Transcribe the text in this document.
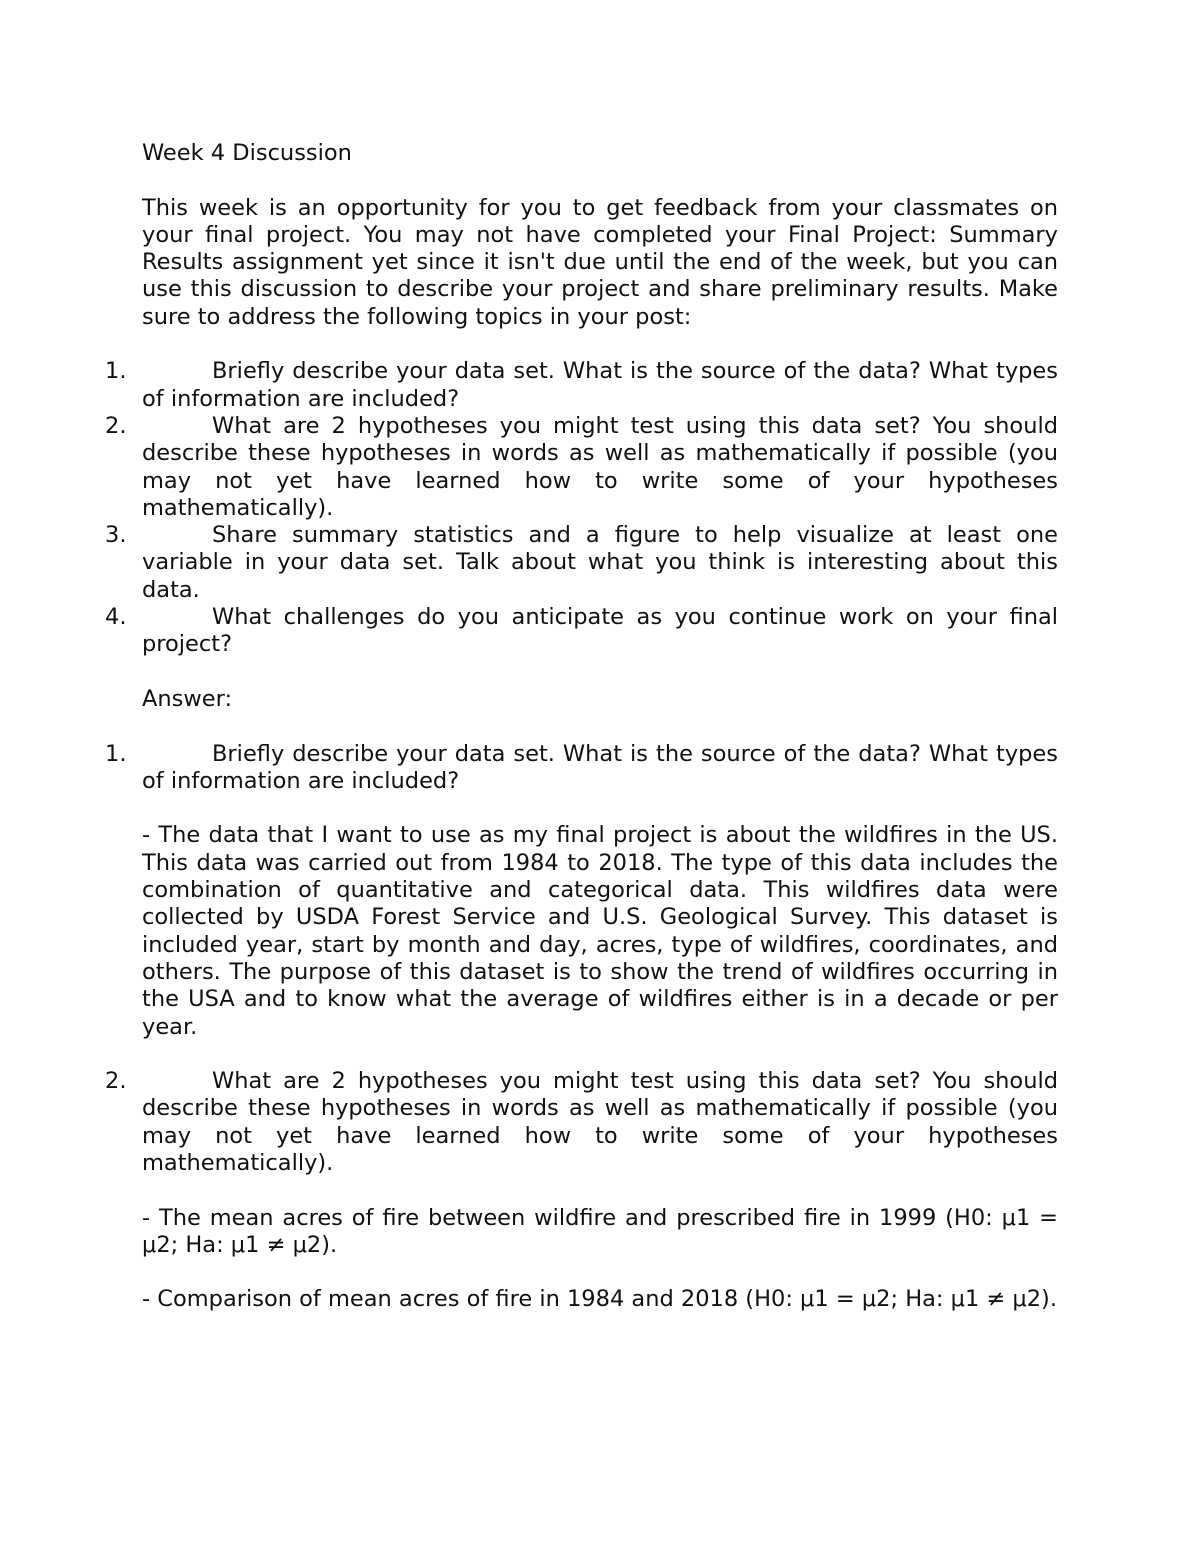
Week 4 Discussion

This week is an opportunity for you to get feedback from your classmates on your final project. You may not have completed your Final Project: Summary Results assignment yet since it isn't due until the end of the week, but you can use this discussion to describe your project and share preliminary results. Make sure to address the following topics in your post:

1.	Briefly describe your data set. What is the source of the data? What types of information are included?

2.	What are 2 hypotheses you might test using this data set? You should describe these hypotheses in words as well as mathematically if possible (you may not yet have learned how to write some of your hypotheses mathematically).

3.	Share summary statistics and a figure to help visualize at least one variable in your data set. Talk about what you think is interesting about this data.

4.	What challenges do you anticipate as you continue work on your final project?

Answer:

1.	Briefly describe your data set. What is the source of the data? What types of information are included?

- The data that I want to use as my final project is about the wildfires in the US. This data was carried out from 1984 to 2018. The type of this data includes the combination of quantitative and categorical data. This wildfires data were collected by USDA Forest Service and U.S. Geological Survey. This dataset is included year, start by month and day, acres, type of wildfires, coordinates, and others. The purpose of this dataset is to show the trend of wildfires occurring in the USA and to know what the average of wildfires either is in a decade or per year.

2.	What are 2 hypotheses you might test using this data set? You should describe these hypotheses in words as well as mathematically if possible (you may not yet have learned how to write some of your hypotheses mathematically).

- The mean acres of fire between wildfire and prescribed fire in 1999 (H0: μ1 = μ2; Ha: μ1 ≠ μ2).

- Comparison of mean acres of fire in 1984 and 2018 (H0: μ1 = μ2; Ha: μ1 ≠ μ2).
